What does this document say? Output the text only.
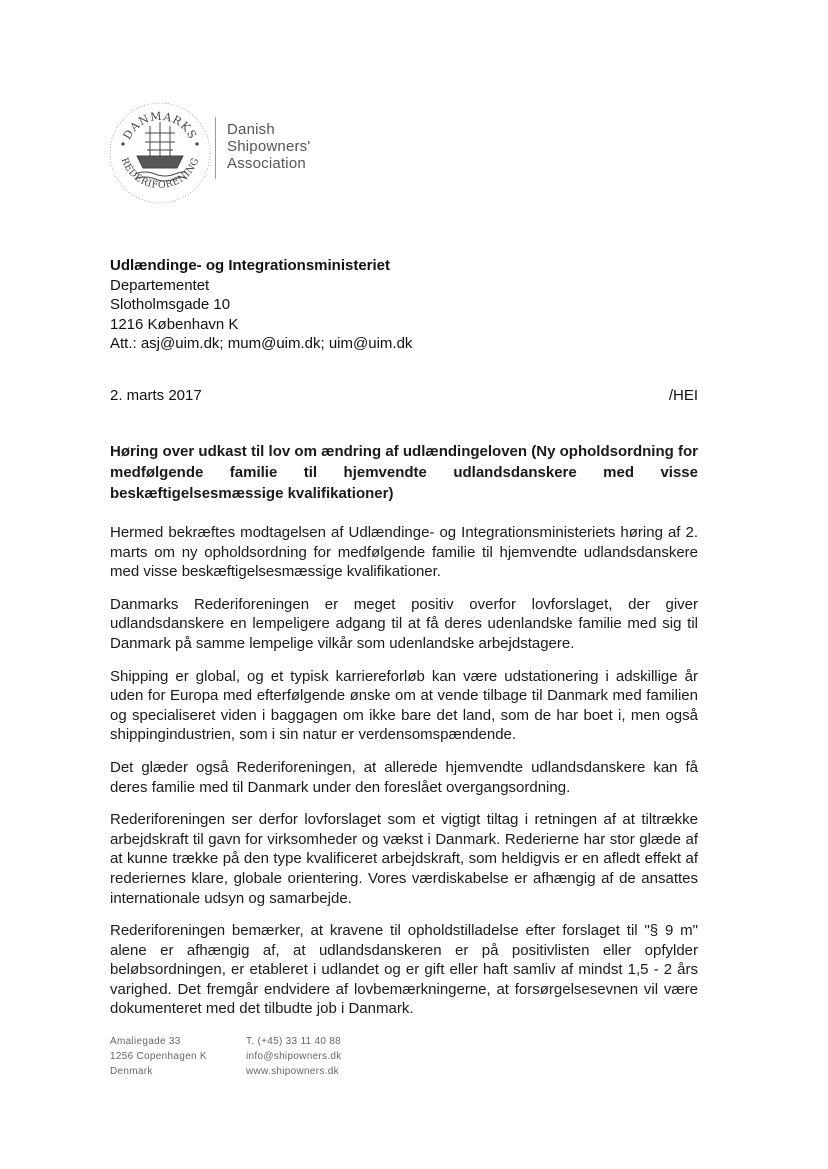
DANMARKS
REDERIFORENING
Danish
Shipowners'
Association
Udlændinge- og Integrationsministeriet
Departementet
Slotholmsgade 10
1216 København K
Att.: asj@uim.dk; mum@uim.dk; uim@uim.dk
2. marts 2017	/HEI
Høring over udkast til lov om ændring af udlændingeloven (Ny opholdsordning for medfølgende familie til hjemvendte udlandsdanskere med visse beskæftigelsesmæssige kvalifikationer)

Hermed bekræftes modtagelsen af Udlændinge- og Integrationsministeriets høring af 2. marts om ny opholdsordning for medfølgende familie til hjemvendte udlandsdanskere med visse beskæftigelsesmæssige kvalifikationer.

Danmarks Rederiforeningen er meget positiv overfor lovforslaget, der giver udlandsdanskere en lempeligere adgang til at få deres udenlandske familie med sig til Danmark på samme lempelige vilkår som udenlandske arbejdstagere.

Shipping er global, og et typisk karriereforløb kan være udstationering i adskillige år uden for Europa med efterfølgende ønske om at vende tilbage til Danmark med familien og specialiseret viden i baggagen om ikke bare det land, som de har boet i, men også shippingindustrien, som i sin natur er verdensomspændende.

Det glæder også Rederiforeningen, at allerede hjemvendte udlandsdanskere kan få deres familie med til Danmark under den foreslået overgangsordning.

Rederiforeningen ser derfor lovforslaget som et vigtigt tiltag i retningen af at tiltrække arbejdskraft til gavn for virksomheder og vækst i Danmark. Rederierne har stor glæde af at kunne trække på den type kvalificeret arbejdskraft, som heldigvis er en afledt effekt af rederiernes klare, globale orientering. Vores værdiskabelse er afhængig af de ansattes internationale udsyn og samarbejde.

Rederiforeningen bemærker, at kravene til opholdstilladelse efter forslaget til "§ 9 m" alene er afhængig af, at udlandsdanskeren er på positivlisten eller opfylder beløbsordningen, er etableret i udlandet og er gift eller haft samliv af mindst 1,5 - 2 års varighed. Det fremgår endvidere af lovbemærkningerne, at forsørgelsesevnen vil være dokumenteret med det tilbudte job i Danmark.

Amaliegade 33
1256 Copenhagen K
Denmark
T. (+45) 33 11 40 88
info@shipowners.dk
www.shipowners.dk
